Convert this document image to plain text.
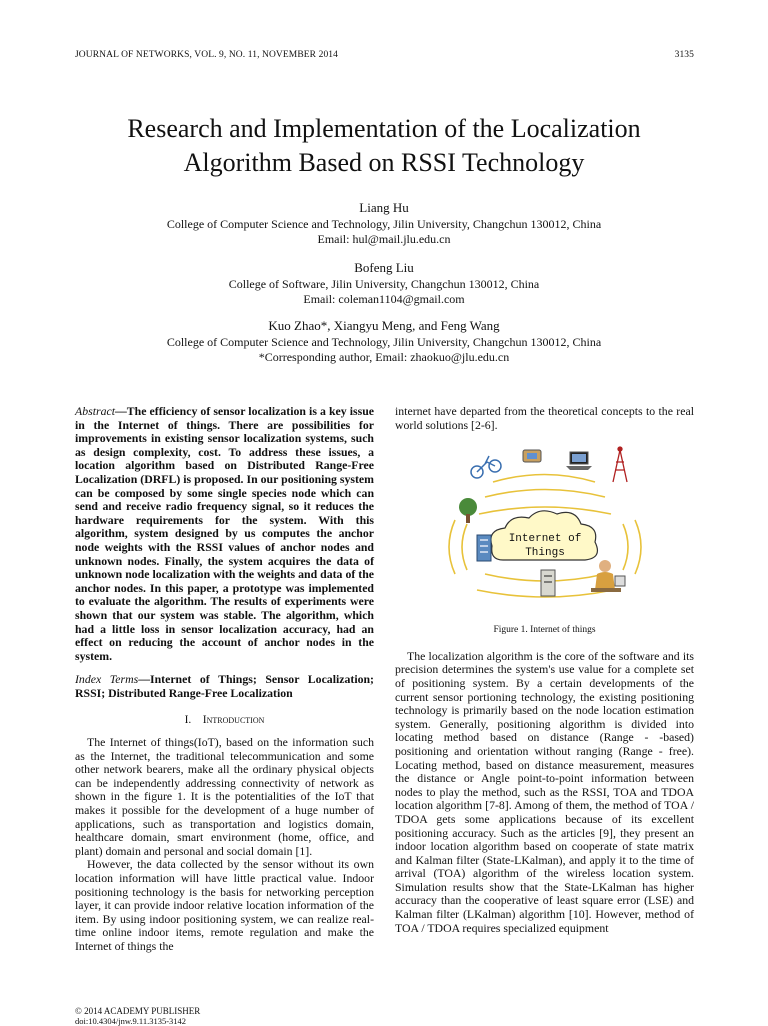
JOURNAL OF NETWORKS, VOL. 9, NO. 11, NOVEMBER 2014	3135
Research and Implementation of the Localization
Algorithm Based on RSSI Technology
Liang Hu
College of Computer Science and Technology, Jilin University, Changchun 130012, China
Email: hul@mail.jlu.edu.cn
Bofeng Liu
College of Software, Jilin University, Changchun 130012, China
Email: coleman1104@gmail.com
Kuo Zhao*, Xiangyu Meng, and Feng Wang
College of Computer Science and Technology, Jilin University, Changchun 130012, China
*Corresponding author, Email: zhaokuo@jlu.edu.cn

Abstract—The efficiency of sensor localization is a key issue in the Internet of things. There are possibilities for improvements in existing sensor localization systems, such as design complexity, cost. To address these issues, a location algorithm based on Distributed Range-Free Localization (DRFL) is proposed. In our positioning system can be composed by some single species node which can send and receive radio frequency signal, so it reduces the hardware requirements for the system. With this algorithm, system designed by us computes the anchor node weights with the RSSI values of anchor nodes and unknown nodes. Finally, the system acquires the data of unknown node localization with the weights and data of the anchor nodes. In this paper, a prototype was implemented to evaluate the algorithm. The results of experiments were shown that our system was stable. The algorithm, which had a little loss in sensor localization accuracy, had an effect on reducing the account of anchor nodes in the system.

Index Terms—Internet of Things; Sensor Localization; RSSI; Distributed Range-Free Localization

I. Introduction

The Internet of things(IoT), based on the information such as the Internet, the traditional telecommunication and some other network bearers, make all the ordinary physical objects can be independently addressing connectivity of network as shown in the figure 1. It is the potentialities of the IoT that makes it possible for the development of a huge number of applications, such as transportation and logistics domain, healthcare domain, smart environment (home, office, and plant) domain and personal and social domain [1].

However, the data collected by the sensor without its own location information will have little practical value. Indoor positioning technology is the basis for networking perception layer, it can provide indoor relative location information of the item. By using indoor positioning system, we can realize real-time online indoor items, remote regulation and make the Internet of things the

internet have departed from the theoretical concepts to the real world solutions [2-6].

Internet of
Things
Figure 1. Internet of things

The localization algorithm is the core of the software and its precision determines the system's use value for a complete set of positioning system. By a certain developments of the current sensor portioning technology, the existing positioning technology is primarily based on the node location estimation system. Generally, positioning algorithm is divided into locating method based on distance (Range - -based) positioning and orientation without ranging (Range - free). Locating method, based on distance measurement, measures the distance or Angle point-to-point information between nodes to play the method, such as the RSSI, TOA and TDOA location algorithm [7-8]. Among of them, the method of TOA / TDOA gets some applications because of its excellent positioning accuracy. Such as the articles [9], they present an indoor location algorithm based on cooperate of state matrix and Kalman filter (State-LKalman), and apply it to the time of arrival (TOA) algorithm of the wireless location system. Simulation results show that the State-LKalman has higher accuracy than the cooperative of least square error (LSE) and Kalman filter (LKalman) algorithm [10]. However, method of TOA / TDOA requires specialized equipment

© 2014 ACADEMY PUBLISHER
doi:10.4304/jnw.9.11.3135-3142
